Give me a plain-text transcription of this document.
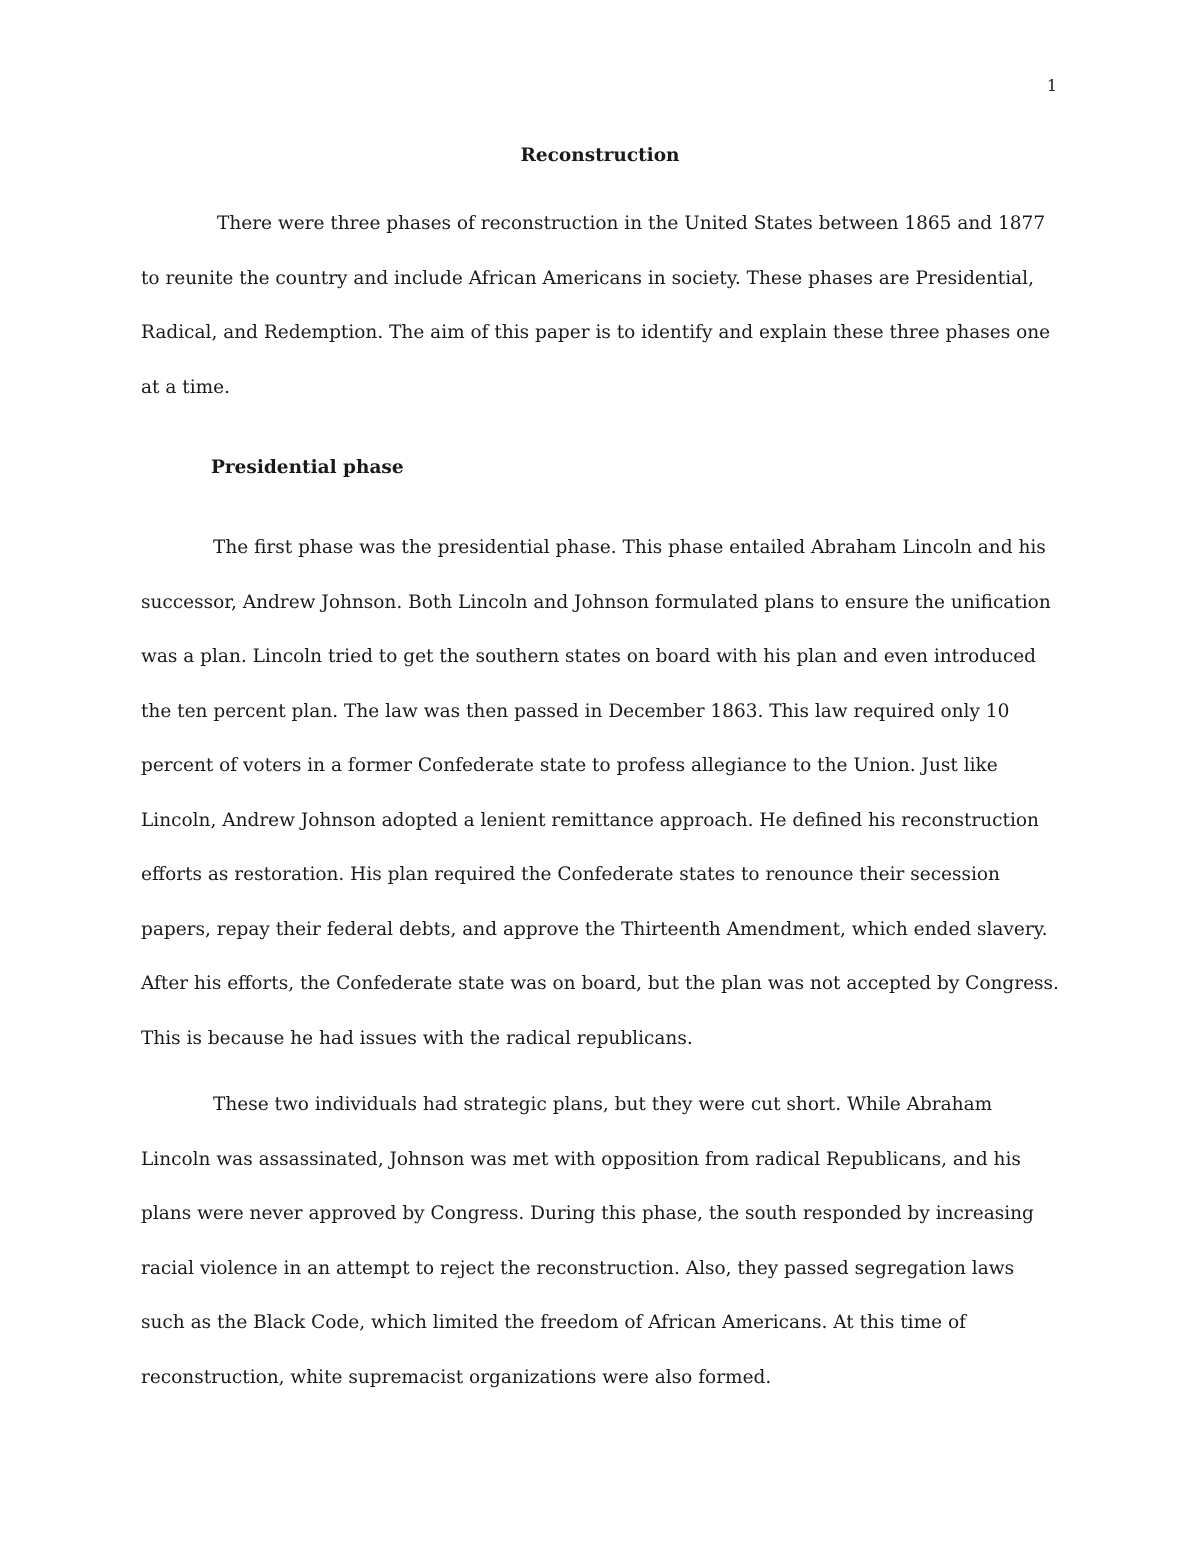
1
Reconstruction

There were three phases of reconstruction in the United States between 1865 and 1877 to reunite the country and include African Americans in society. These phases are Presidential, Radical, and Redemption. The aim of this paper is to identify and explain these three phases one at a time.

Presidential phase

The first phase was the presidential phase. This phase entailed Abraham Lincoln and his successor, Andrew Johnson. Both Lincoln and Johnson formulated plans to ensure the unification was a plan. Lincoln tried to get the southern states on board with his plan and even introduced the ten percent plan. The law was then passed in December 1863. This law required only 10 percent of voters in a former Confederate state to profess allegiance to the Union. Just like Lincoln, Andrew Johnson adopted a lenient remittance approach. He defined his reconstruction efforts as restoration. His plan required the Confederate states to renounce their secession papers, repay their federal debts, and approve the Thirteenth Amendment, which ended slavery. After his efforts, the Confederate state was on board, but the plan was not accepted by Congress. This is because he had issues with the radical republicans.

These two individuals had strategic plans, but they were cut short. While Abraham Lincoln was assassinated, Johnson was met with opposition from radical Republicans, and his plans were never approved by Congress. During this phase, the south responded by increasing racial violence in an attempt to reject the reconstruction. Also, they passed segregation laws such as the Black Code, which limited the freedom of African Americans. At this time of reconstruction, white supremacist organizations were also formed.
